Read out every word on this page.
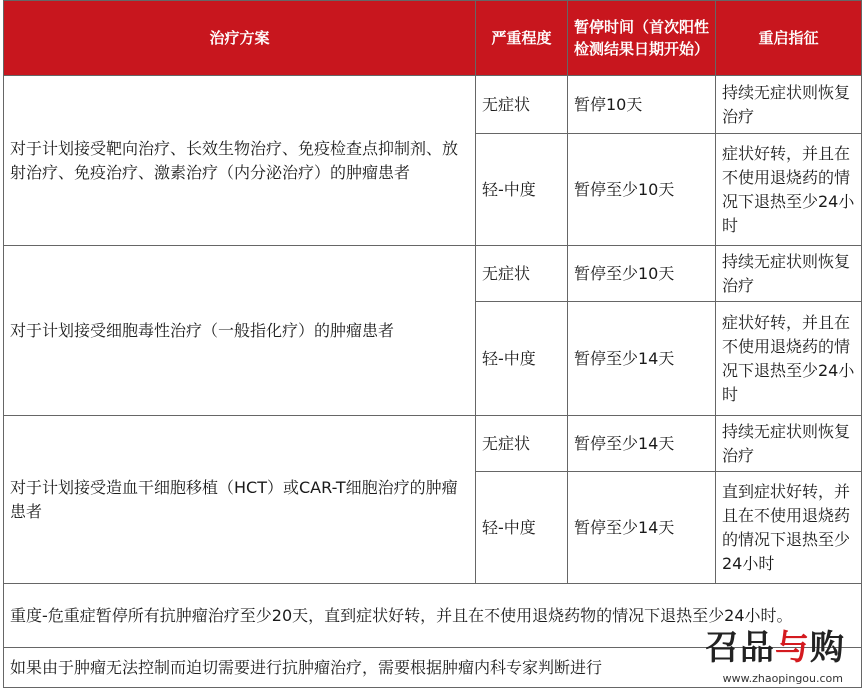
治疗方案	严重程度	暂停时间（首次阳性检测结果日期开始）	重启指征
对于计划接受靶向治疗、长效生物治疗、免疫检查点抑制剂、放射治疗、免疫治疗、激素治疗（内分泌治疗）的肿瘤患者	无症状	暂停10天	持续无症状则恢复治疗
	轻-中度	暂停至少10天	症状好转，并且在不使用退烧药的情况下退热至少24小时
对于计划接受细胞毒性治疗（一般指化疗）的肿瘤患者	无症状	暂停至少10天	持续无症状则恢复治疗
	轻-中度	暂停至少14天	症状好转，并且在不使用退烧药的情况下退热至少24小时
对于计划接受造血干细胞移植（HCT）或CAR-T细胞治疗的肿瘤患者	无症状	暂停至少14天	持续无症状则恢复治疗
	轻-中度	暂停至少14天	直到症状好转，并且在不使用退烧药的情况下退热至少24小时
重度-危重症暂停所有抗肿瘤治疗至少20天，直到症状好转，并且在不使用退烧药物的情况下退热至少24小时。			
如果由于肿瘤无法控制而迫切需要进行抗肿瘤治疗，需要根据肿瘤内科专家判断进行				召品与购
www.zhaopingou.com
